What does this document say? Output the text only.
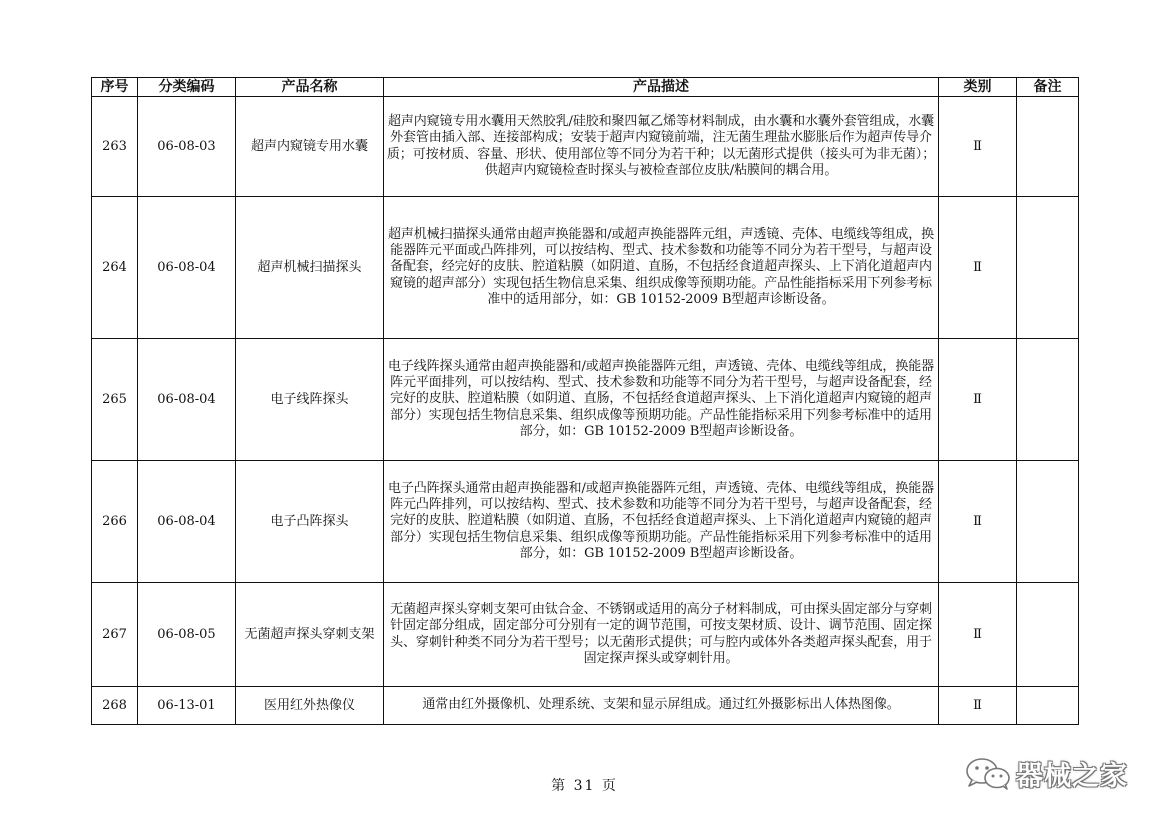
序号	分类编码	产品名称	产品描述	类别	备注
263	06-08-03	超声内窥镜专用水囊	超声内窥镜专用水囊用天然胶乳/硅胶和聚四氟乙烯等材料制成，由水囊和水囊外套管组成，水囊外套管由插入部、连接部构成；安装于超声内窥镜前端，注无菌生理盐水膨胀后作为超声传导介质；可按材质、容量、形状、使用部位等不同分为若干种；以无菌形式提供（接头可为非无菌）；供超声内窥镜检查时探头与被检查部位皮肤/粘膜间的耦合用。	Ⅱ	
264	06-08-04	超声机械扫描探头	超声机械扫描探头通常由超声换能器和/或超声换能器阵元组，声透镜、壳体、电缆线等组成，换能器阵元平面或凸阵排列，可以按结构、型式、技术参数和功能等不同分为若干型号，与超声设备配套，经完好的皮肤、腔道粘膜（如阴道、直肠，不包括经食道超声探头、上下消化道超声内窥镜的超声部分）实现包括生物信息采集、组织成像等预期功能。产品性能指标采用下列参考标准中的适用部分，如：GB 10152-2009 B型超声诊断设备。	Ⅱ	
265	06-08-04	电子线阵探头	电子线阵探头通常由超声换能器和/或超声换能器阵元组，声透镜、壳体、电缆线等组成，换能器阵元平面排列，可以按结构、型式、技术参数和功能等不同分为若干型号，与超声设备配套，经完好的皮肤、腔道粘膜（如阴道、直肠，不包括经食道超声探头、上下消化道超声内窥镜的超声部分）实现包括生物信息采集、组织成像等预期功能。产品性能指标采用下列参考标准中的适用部分，如：GB 10152-2009 B型超声诊断设备。	Ⅱ	
266	06-08-04	电子凸阵探头	电子凸阵探头通常由超声换能器和/或超声换能器阵元组，声透镜、壳体、电缆线等组成，换能器阵元凸阵排列，可以按结构、型式、技术参数和功能等不同分为若干型号，与超声设备配套，经完好的皮肤、腔道粘膜（如阴道、直肠，不包括经食道超声探头、上下消化道超声内窥镜的超声部分）实现包括生物信息采集、组织成像等预期功能。产品性能指标采用下列参考标准中的适用部分，如：GB 10152-2009 B型超声诊断设备。	Ⅱ	
267	06-08-05	无菌超声探头穿刺支架	无菌超声探头穿刺支架可由钛合金、不锈钢或适用的高分子材料制成，可由探头固定部分与穿刺针固定部分组成，固定部分可分别有一定的调节范围，可按支架材质、设计、调节范围、固定探头、穿刺针种类不同分为若干型号；以无菌形式提供；可与腔内或体外各类超声探头配套，用于固定探声探头或穿刺针用。	Ⅱ	
268	06-13-01	医用红外热像仪	通常由红外摄像机、处理系统、支架和显示屏组成。通过红外摄影标出人体热图像。	Ⅱ	
第 31 页	器械之家
